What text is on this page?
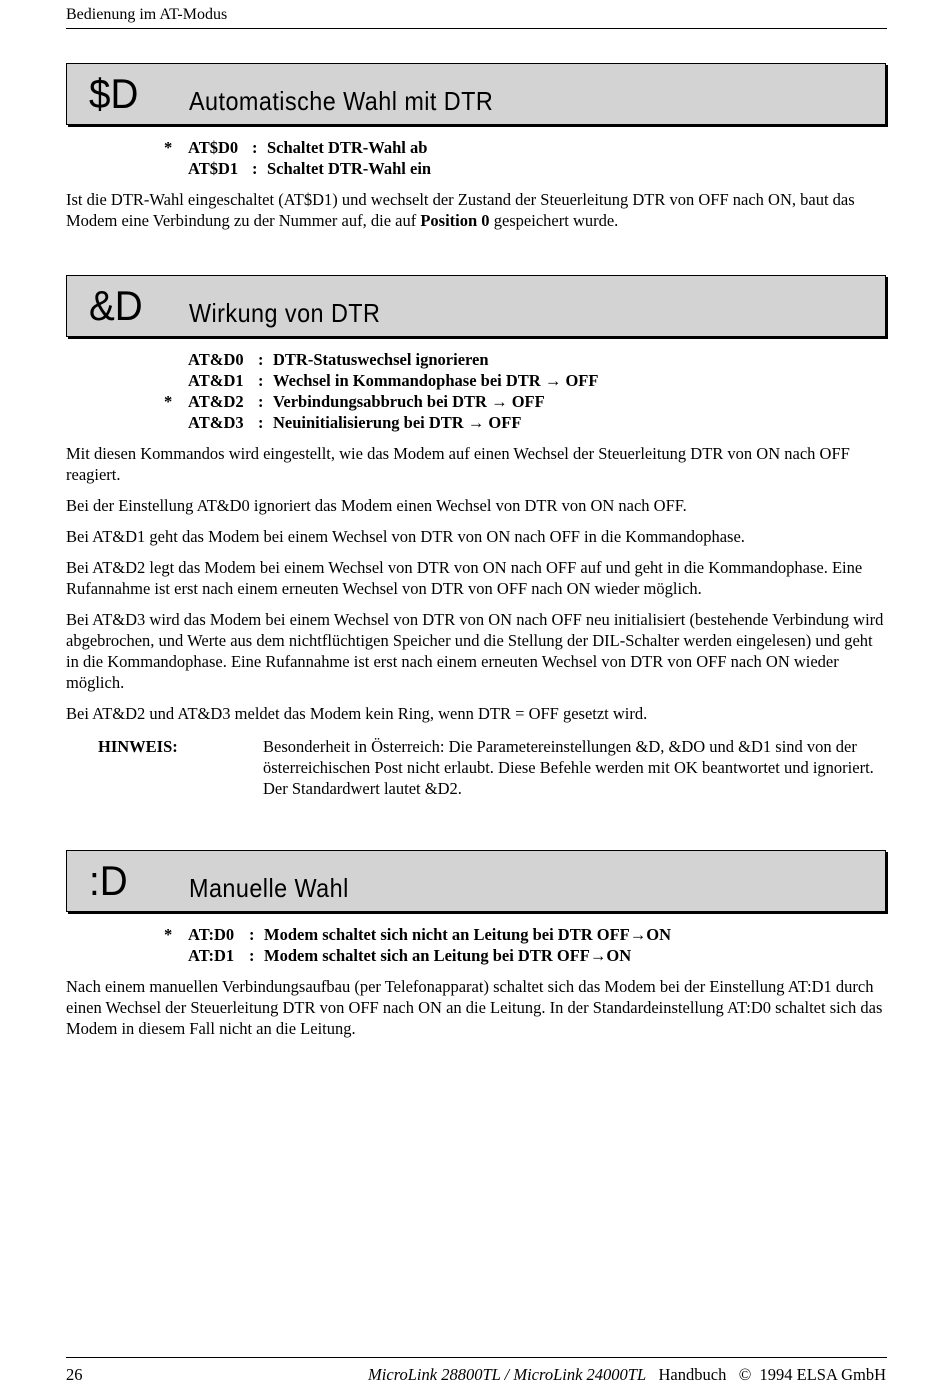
Bedienung im AT-Modus
$D Automatische Wahl mit DTR
* AT$D0 : Schaltet DTR-Wahl ab
AT$D1 : Schaltet DTR-Wahl ein

Ist die DTR-Wahl eingeschaltet (AT$D1) und wechselt der Zustand der Steuerleitung DTR von OFF nach ON, baut das Modem eine Verbindung zu der Nummer auf, die auf Position 0 gespeichert wurde.

&D Wirkung von DTR
AT&D0 : DTR-Statuswechsel ignorieren
AT&D1 : Wechsel in Kommandophase bei DTR → OFF
* AT&D2 : Verbindungsabbruch bei DTR → OFF
AT&D3 : Neuinitialisierung bei DTR → OFF

Mit diesen Kommandos wird eingestellt, wie das Modem auf einen Wechsel der Steuerleitung DTR von ON nach OFF reagiert.

Bei der Einstellung AT&D0 ignoriert das Modem einen Wechsel von DTR von ON nach OFF.

Bei AT&D1 geht das Modem bei einem Wechsel von DTR von ON nach OFF in die Kommandophase.

Bei AT&D2 legt das Modem bei einem Wechsel von DTR von ON nach OFF auf und geht in die Kommandophase. Eine Rufannahme ist erst nach einem erneuten Wechsel von DTR von OFF nach ON wieder möglich.

Bei AT&D3 wird das Modem bei einem Wechsel von DTR von ON nach OFF neu initialisiert (bestehende Verbindung wird abgebrochen, und Werte aus dem nichtflüchtigen Speicher und die Stellung der DIL-Schalter werden eingelesen) und geht in die Kommandophase. Eine Rufannahme ist erst nach einem erneuten Wechsel von DTR von OFF nach ON wieder möglich.

Bei AT&D2 und AT&D3 meldet das Modem kein Ring, wenn DTR = OFF gesetzt wird.

HINWEIS:	Besonderheit in Österreich: Die Parametereinstellungen &D, &DO und &D1 sind von der österreichischen Post nicht erlaubt. Diese Befehle werden mit OK beantwortet und ignoriert. Der Standardwert lautet &D2.
:D Manuelle Wahl
* AT:D0 : Modem schaltet sich nicht an Leitung bei DTR OFF→ON
AT:D1 : Modem schaltet sich an Leitung bei DTR OFF→ON

Nach einem manuellen Verbindungsaufbau (per Telefonapparat) schaltet sich das Modem bei der Einstellung AT:D1 durch einen Wechsel der Steuerleitung DTR von OFF nach ON an die Leitung. In der Standardeinstellung AT:D0 schaltet sich das Modem in diesem Fall nicht an die Leitung.

26	MicroLink 28800TL / MicroLink 24000TL Handbuch   ©  1994 ELSA GmbH
